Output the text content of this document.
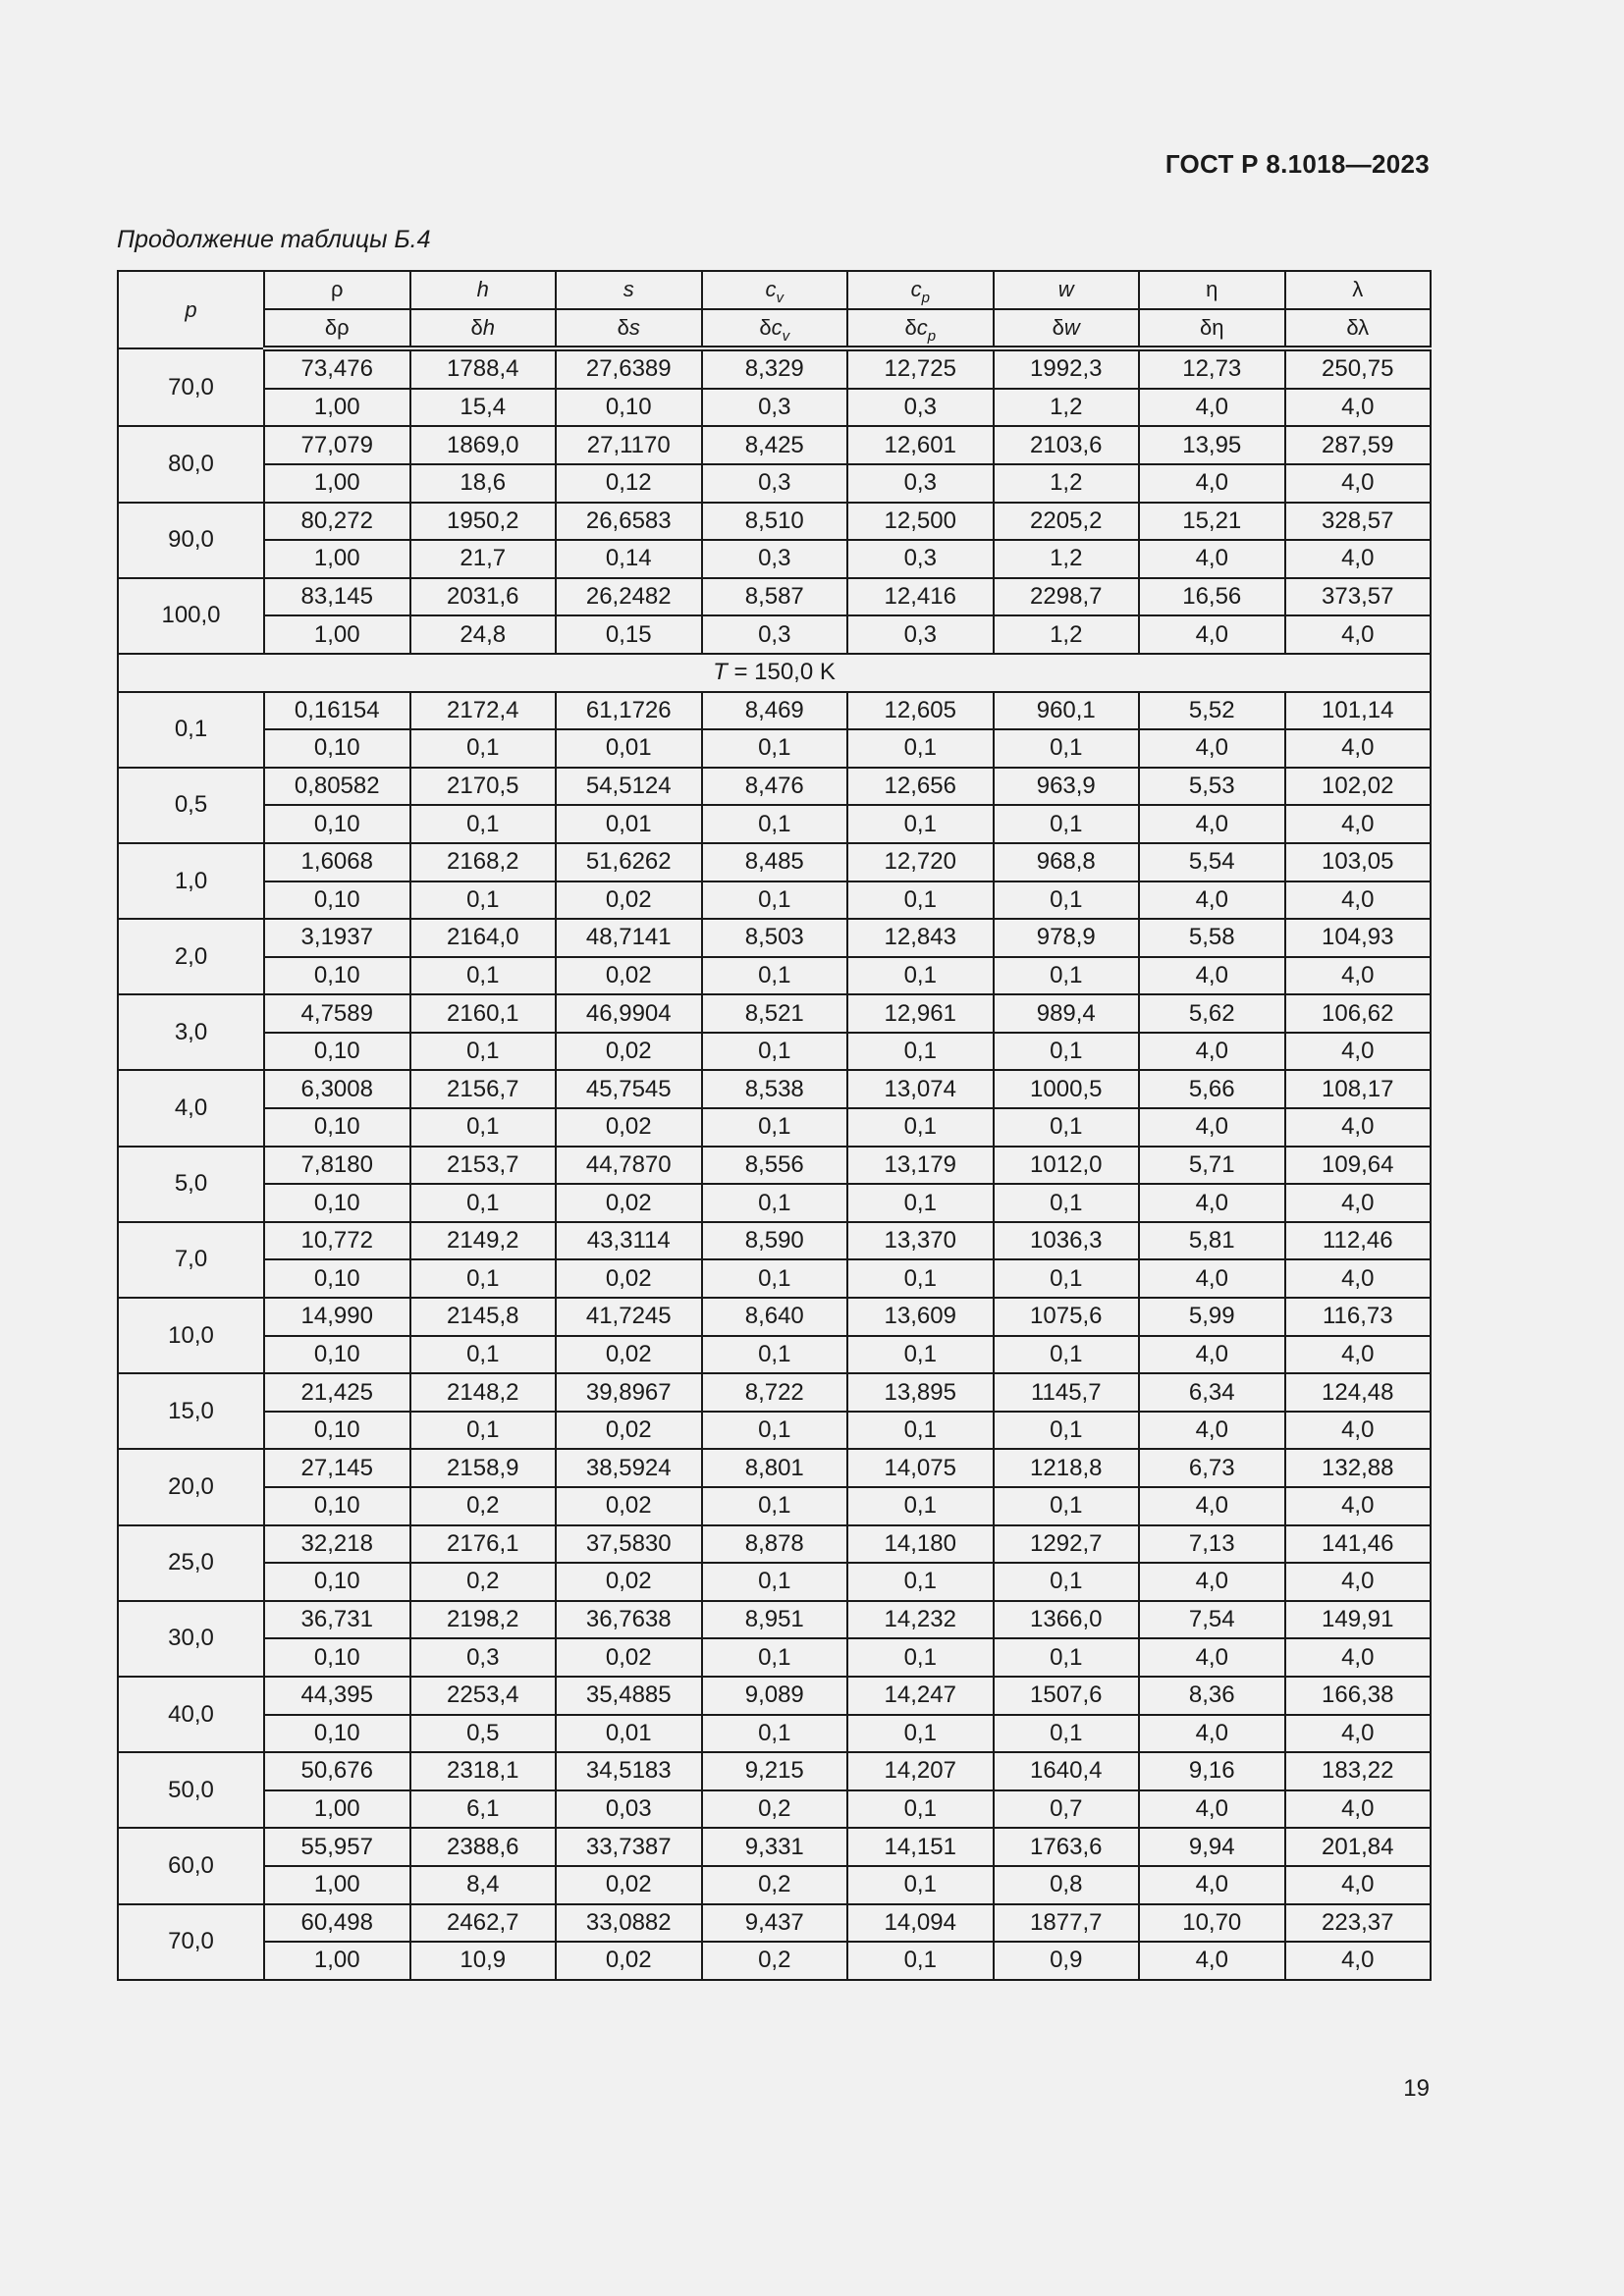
ГОСТ Р 8.1018—2023
Продолжение таблицы Б.4
p	ρ	h	s	$c_v$	$c_p$	w	η	λ
	δρ	δh	δs	$\delta c_v$	$\delta c_p$	δw	δη	δλ
70,0	73,476	1788,4	27,6389	8,329	12,725	1992,3	12,73	250,75
	1,00	15,4	0,10	0,3	0,3	1,2	4,0	4,0
80,0	77,079	1869,0	27,1170	8,425	12,601	2103,6	13,95	287,59
	1,00	18,6	0,12	0,3	0,3	1,2	4,0	4,0
90,0	80,272	1950,2	26,6583	8,510	12,500	2205,2	15,21	328,57
	1,00	21,7	0,14	0,3	0,3	1,2	4,0	4,0
100,0	83,145	2031,6	26,2482	8,587	12,416	2298,7	16,56	373,57
	1,00	24,8	0,15	0,3	0,3	1,2	4,0	4,0
T = 150,0 K								
0,1	0,16154	2172,4	61,1726	8,469	12,605	960,1	5,52	101,14
	0,10	0,1	0,01	0,1	0,1	0,1	4,0	4,0
0,5	0,80582	2170,5	54,5124	8,476	12,656	963,9	5,53	102,02
	0,10	0,1	0,01	0,1	0,1	0,1	4,0	4,0
1,0	1,6068	2168,2	51,6262	8,485	12,720	968,8	5,54	103,05
	0,10	0,1	0,02	0,1	0,1	0,1	4,0	4,0
2,0	3,1937	2164,0	48,7141	8,503	12,843	978,9	5,58	104,93
	0,10	0,1	0,02	0,1	0,1	0,1	4,0	4,0
3,0	4,7589	2160,1	46,9904	8,521	12,961	989,4	5,62	106,62
	0,10	0,1	0,02	0,1	0,1	0,1	4,0	4,0
4,0	6,3008	2156,7	45,7545	8,538	13,074	1000,5	5,66	108,17
	0,10	0,1	0,02	0,1	0,1	0,1	4,0	4,0
5,0	7,8180	2153,7	44,7870	8,556	13,179	1012,0	5,71	109,64
	0,10	0,1	0,02	0,1	0,1	0,1	4,0	4,0
7,0	10,772	2149,2	43,3114	8,590	13,370	1036,3	5,81	112,46
	0,10	0,1	0,02	0,1	0,1	0,1	4,0	4,0
10,0	14,990	2145,8	41,7245	8,640	13,609	1075,6	5,99	116,73
	0,10	0,1	0,02	0,1	0,1	0,1	4,0	4,0
15,0	21,425	2148,2	39,8967	8,722	13,895	1145,7	6,34	124,48
	0,10	0,1	0,02	0,1	0,1	0,1	4,0	4,0
20,0	27,145	2158,9	38,5924	8,801	14,075	1218,8	6,73	132,88
	0,10	0,2	0,02	0,1	0,1	0,1	4,0	4,0
25,0	32,218	2176,1	37,5830	8,878	14,180	1292,7	7,13	141,46
	0,10	0,2	0,02	0,1	0,1	0,1	4,0	4,0
30,0	36,731	2198,2	36,7638	8,951	14,232	1366,0	7,54	149,91
	0,10	0,3	0,02	0,1	0,1	0,1	4,0	4,0
40,0	44,395	2253,4	35,4885	9,089	14,247	1507,6	8,36	166,38
	0,10	0,5	0,01	0,1	0,1	0,1	4,0	4,0
50,0	50,676	2318,1	34,5183	9,215	14,207	1640,4	9,16	183,22
	1,00	6,1	0,03	0,2	0,1	0,7	4,0	4,0
60,0	55,957	2388,6	33,7387	9,331	14,151	1763,6	9,94	201,84
	1,00	8,4	0,02	0,2	0,1	0,8	4,0	4,0
70,0	60,498	2462,7	33,0882	9,437	14,094	1877,7	10,70	223,37
	1,00	10,9	0,02	0,2	0,1	0,9	4,0	4,0
19
